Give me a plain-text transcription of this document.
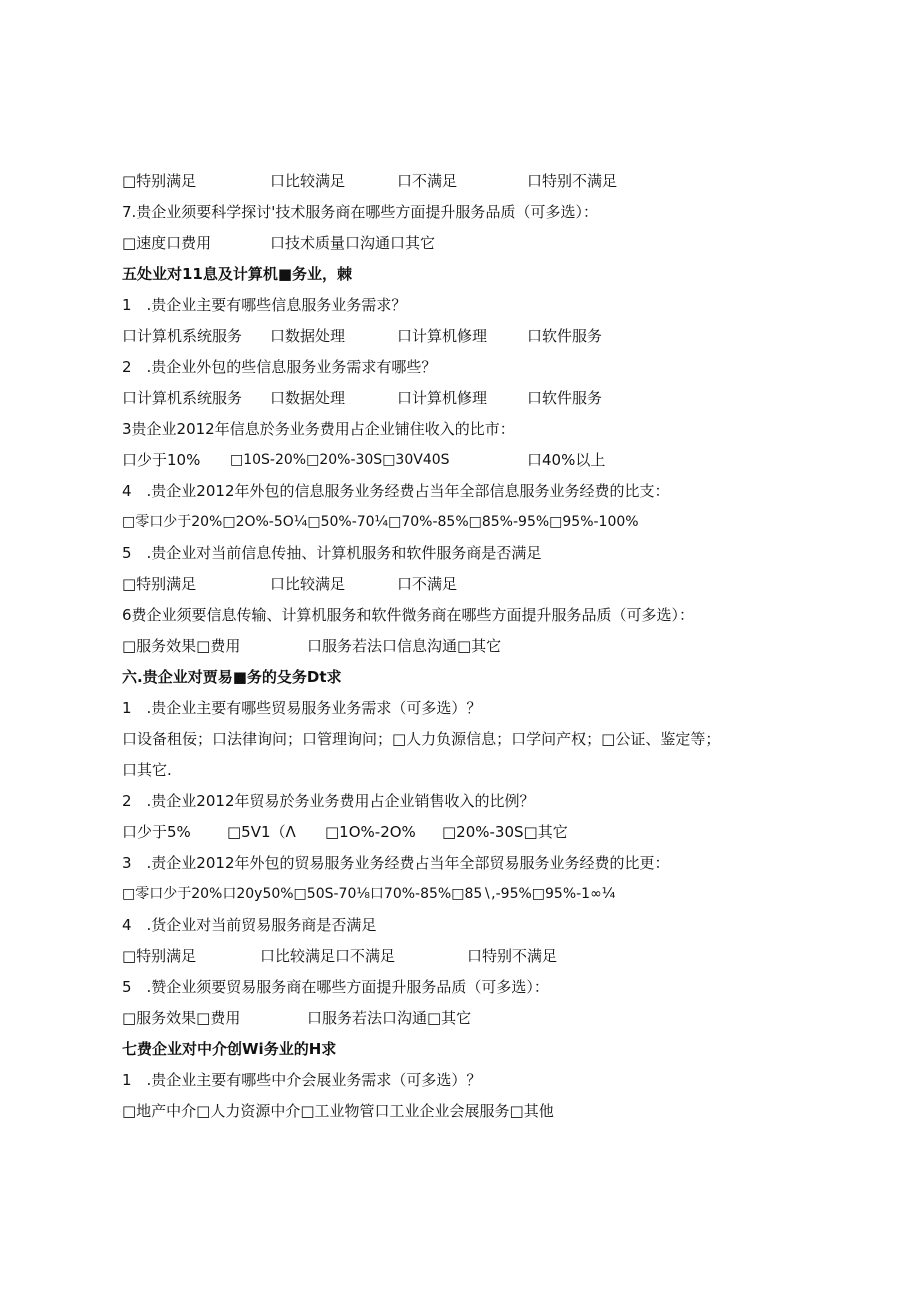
□特别满足	口比较满足	口不满足	口特别不满足
7.贵企业须要科学探讨'技术服务商在哪些方面提升服务品质（可多选）：
□速度口费用	口技术质量口沟通口其它
五处业对11息及计算机■务业，棘
1　.贵企业主要有哪些信息服务业务需求？
口计算机系统服务 口数据处理	口计算机修理	口软件服务
2　.贵企业外包的些信息服务业务需求有哪些？
口计算机系统服务 口数据处理	口计算机修理	口软件服务
3贵企业2012年信息於务业务费用占企业铺住收入的比市：
口少于10% □10S-20%□20%-30S□30V40S	口40%以上
4　.贵企业2012年外包的信息服务业务经费占当年全部信息服务业务经费的比支：
□零口少于20%□2O%-5O¼□50%-70¼□70%-85%□85%-95%□95%-100%
5　.贵企业对当前信息传抽、计算机服务和软件服务商是否满足
□特别满足	口比较满足	口不满足
6费企业须要信息传输、计算机服务和软件微务商在哪些方面提升服务品质（可多选）：
□服务效果□费用	口服务若法口信息沟通□其它
六.贵企业对贾易■务的殳务Dt求
1　.贵企业主要有哪些贸易服务业务需求（可多选）？
口设备租佞；口法律询问；口管理询问；□人力负源信息；口学问产权；□公证、鉴定等；
口其它.
2　.贵企业2012年贸易於务业务费用占企业销售收入的比例？
口少于5% □5V1（Λ □1O%-2O% □20%-30S□其它
3　.责企业2012年外包的贸易服务业务经费占当年全部贸易服务业务经费的比更：
□零口少于20%口20y50%□50S-70⅛口70%-85%□85∖,-95%□95%-1∞¼
4　.货企业对当前贸易服务商是否满足
□特别满足	口比较满足口不满足	口特别不满足
5　.赞企业须要贸易服务商在哪些方面提升服务品质（可多选）：
□服务效果□费用	口服务若法口沟通□其它
七费企业对中介创Wi务业的H求
1　.贵企业主要有哪些中介会展业务需求（可多选）？
□地产中介□人力资源中介□工业物管口工业企业会展服务□其他
